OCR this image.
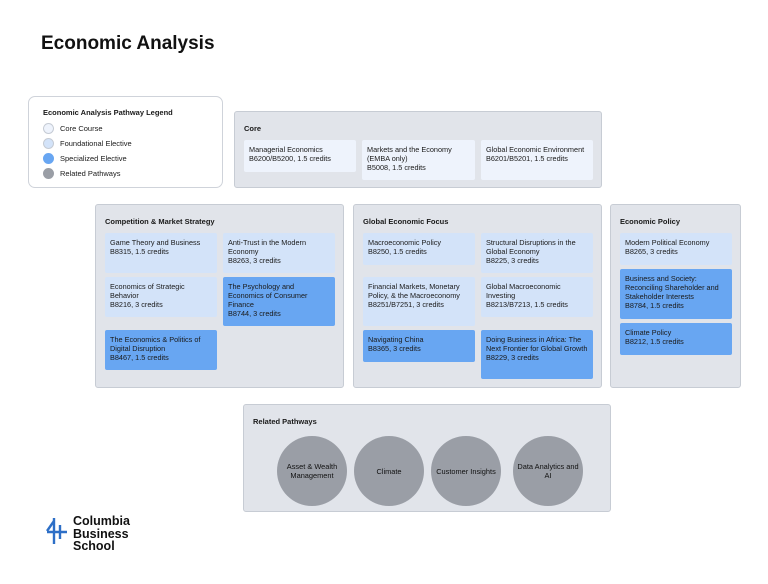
Economic Analysis
Economic Analysis Pathway Legend
Core Course
Foundational Elective
Specialized Elective
Related Pathways
Core
Managerial Economics
B6200/B5200, 1.5 credits
Markets and the Economy (EMBA only)
B5008, 1.5 credits
Global Economic Environment
B6201/B5201, 1.5 credits
Competition & Market Strategy
Game Theory and Business
B8315, 1.5 credits
Anti-Trust in the Modern Economy
B8263, 3 credits
Economics of Strategic Behavior
B8216, 3 credits
The Psychology and Economics of Consumer Finance
B8744, 3 credits
The Economics & Politics of Digital Disruption
B8467, 1.5 credits
Global Economic Focus
Macroeconomic Policy
B8250, 1.5 credits
Structural Disruptions in the Global Economy
B8225, 3 credits
Financial Markets, Monetary Policy, & the Macroeconomy
B8251/B7251, 3 credits
Global Macroeconomic Investing
B8213/B7213, 1.5 credits
Navigating China
B8365, 3 credits
Doing Business in Africa: The Next Frontier for Global Growth
B8229, 3 credits
Economic Policy
Modern Political Economy
B8265, 3 credits
Business and Society: Reconciling Shareholder and Stakeholder Interests
B8784, 1.5 credits
Climate Policy
B8212, 1.5 credits
Related Pathways
Asset & Wealth Management	Climate	Customer Insights	Data Analytics and AI
Columbia
Business
School
